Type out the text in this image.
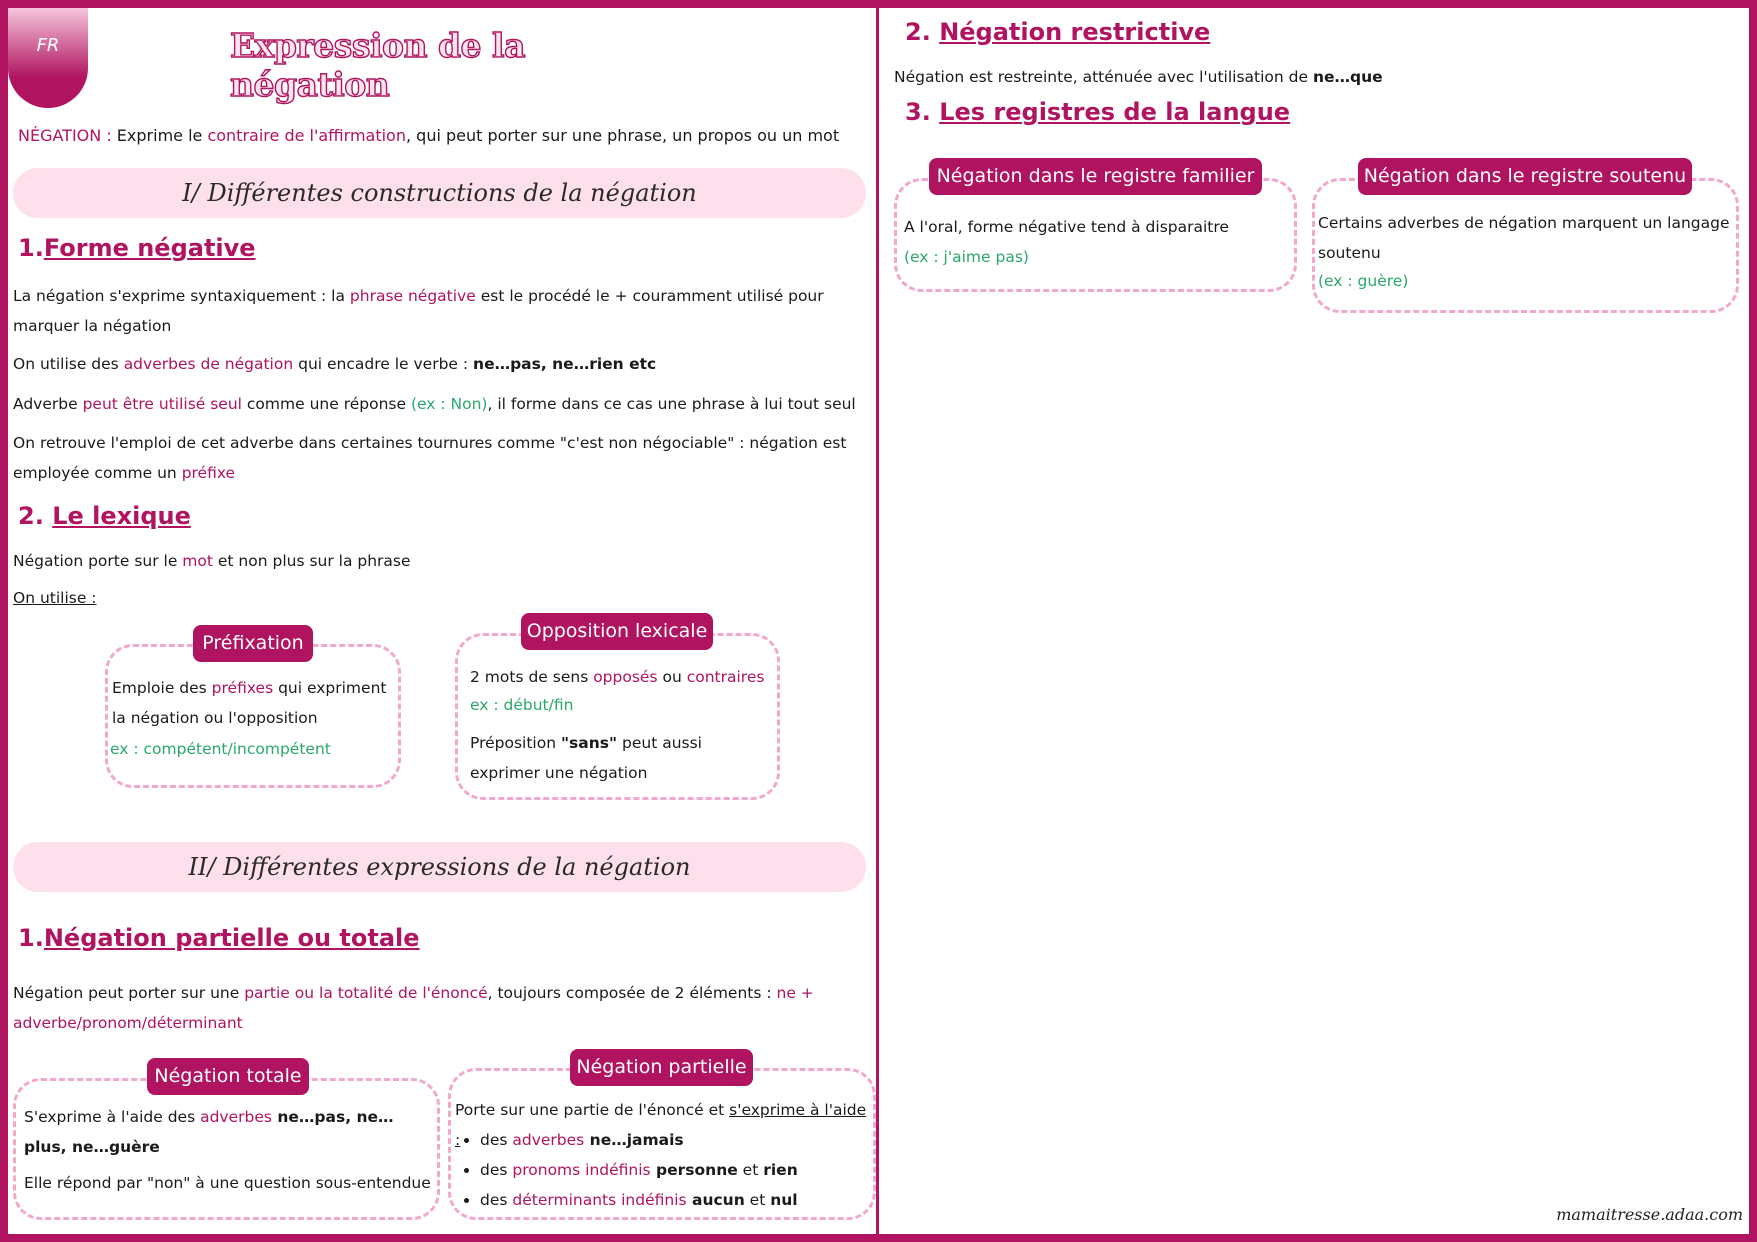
FR	Expression de la négation
NÉGATION : Exprime le contraire de l'affirmation, qui peut porter sur une phrase, un propos ou un mot
I/ Différentes constructions de la négation
1.Forme négative
La négation s'exprime syntaxiquement : la phrase négative est le procédé le + couramment utilisé pour marquer la négation
On utilise des adverbes de négation qui encadre le verbe : ne…pas, ne…rien etc
Adverbe peut être utilisé seul comme une réponse (ex : Non), il forme dans ce cas une phrase à lui tout seul
On retrouve l'emploi de cet adverbe dans certaines tournures comme "c'est non négociable" : négation est employée comme un préfixe
2. Le lexique
Négation porte sur le mot et non plus sur la phrase
On utilise :
Préfixation
Emploie des préfixes qui expriment la négation ou l'opposition
ex : compétent/incompétent
Opposition lexicale
2 mots de sens opposés ou contraires
ex : début/fin
Préposition "sans" peut aussi exprimer une négation
II/ Différentes expressions de la négation
1.Négation partielle ou totale
Négation peut porter sur une partie ou la totalité de l'énoncé, toujours composée de 2 éléments : ne + adverbe/pronom/déterminant
Négation totale
S'exprime à l'aide des adverbes ne…pas, ne…plus, ne…guère
Elle répond par "non" à une question sous-entendue
Négation partielle
Porte sur une partie de l'énoncé et s'exprime à l'aide :
•	des adverbes ne…jamais
• des pronoms indéfinis personne et rien
• des déterminants indéfinis aucun et nul
2. Négation restrictive
Négation est restreinte, atténuée avec l'utilisation de ne…que
3. Les registres de la langue
Négation dans le registre familier
A l'oral, forme négative tend à disparaitre
(ex : j'aime pas)
Négation dans le registre soutenu
Certains adverbes de négation marquent un langage soutenu
(ex : guère)
mamaitresse.adaa.com
